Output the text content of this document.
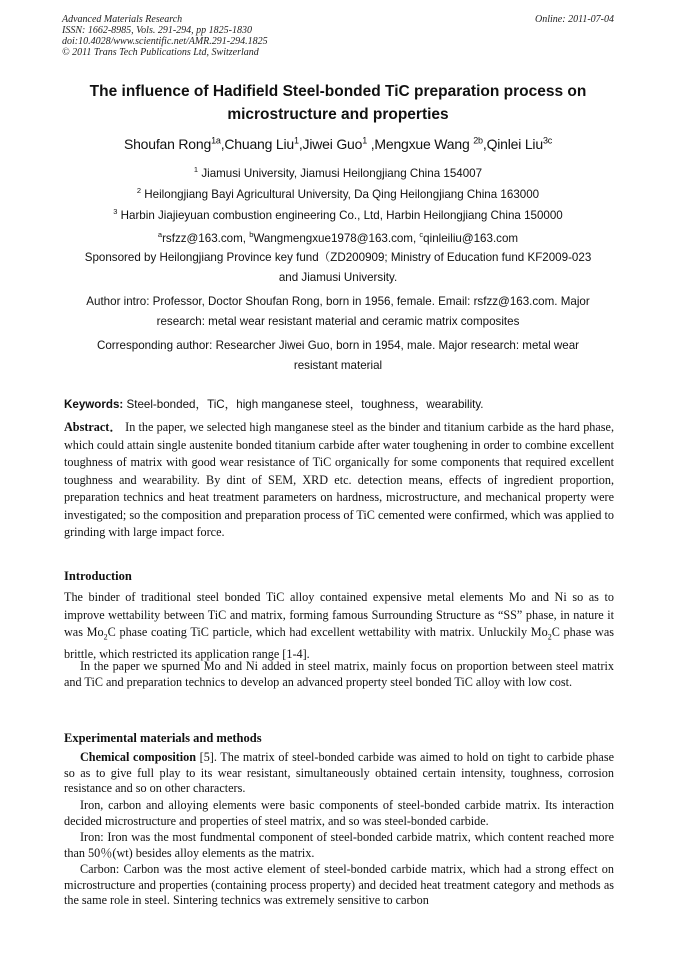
Advanced Materials Research
ISSN: 1662-8985, Vols. 291-294, pp 1825-1830
doi:10.4028/www.scientific.net/AMR.291-294.1825
© 2011 Trans Tech Publications Ltd, Switzerland
Online: 2011-07-04
The influence of Hadifield Steel-bonded TiC preparation process on
microstructure and properties
Shoufan Rong$^{1a}$,Chuang Liu$^1$,Jiwei Guo$^1$ ,Mengxue Wang $^{2b}$,Qinlei Liu$^{3c}$
$^1$ Jiamusi University, Jiamusi Heilongjiang China 154007
$^2$ Heilongjiang Bayi Agricultural University, Da Qing Heilongjiang China 163000
$^3$ Harbin Jiajieyuan combustion engineering Co., Ltd, Harbin Heilongjiang China 150000
$^a$rsfzz@163.com, $^b$Wangmengxue1978@163.com, $^c$qinleiliu@163.com
Sponsored by Heilongjiang Province key fund（ZD200909; Ministry of Education fund KF2009-023
and Jiamusi University.
Author intro: Professor, Doctor Shoufan Rong, born in 1956, female. Email: rsfzz@163.com. Major
research: metal wear resistant material and ceramic matrix composites
Corresponding author: Researcher Jiwei Guo, born in 1954, male. Major research: metal wear
resistant material
Keywords: Steel-bonded，TiC，high manganese steel，toughness，wearability.
Abstract． In the paper, we selected high manganese steel as the binder and titanium carbide as the hard phase, which could attain single austenite bonded titanium carbide after water toughening in order to combine excellent toughness of matrix with good wear resistance of TiC organically for some components that required excellent toughness and wearability. By dint of SEM, XRD etc. detection means, effects of ingredient proportion, preparation technics and heat treatment parameters on hardness, microstructure, and mechanical property were investigated; so the composition and preparation process of TiC cemented were confirmed, which was applied to grinding with large impact force.
Introduction
The binder of traditional steel bonded TiC alloy contained expensive metal elements Mo and Ni so as to improve wettability between TiC and matrix, forming famous Surrounding Structure as “SS” phase, in nature it was $Mo_2C$ phase coating TiC particle, which had excellent wettability with matrix. Unluckily $Mo_2C$ phase was brittle, which restricted its application range [1-4].
In the paper we spurned Mo and Ni added in steel matrix, mainly focus on proportion between steel matrix and TiC and preparation technics to develop an advanced property steel bonded TiC alloy with low cost.
Experimental materials and methods
Chemical composition [5]. The matrix of steel-bonded carbide was aimed to hold on tight to carbide phase so as to give full play to its wear resistant, simultaneously obtained certain intensity, toughness, corrosion resistance and so on other characters.
Iron, carbon and alloying elements were basic components of steel-bonded carbide matrix. Its interaction decided microstructure and properties of steel matrix, and so was steel-bonded carbide.
Iron: Iron was the most fundmental component of steel-bonded carbide matrix, which content reached more than 50％(wt) besides alloy elements as the matrix.
Carbon: Carbon was the most active element of steel-bonded carbide matrix, which had a strong effect on microstructure and properties (containing process property) and decided heat treatment category and methods as the same role in steel. Sintering technics was extremely sensitive to carbon
